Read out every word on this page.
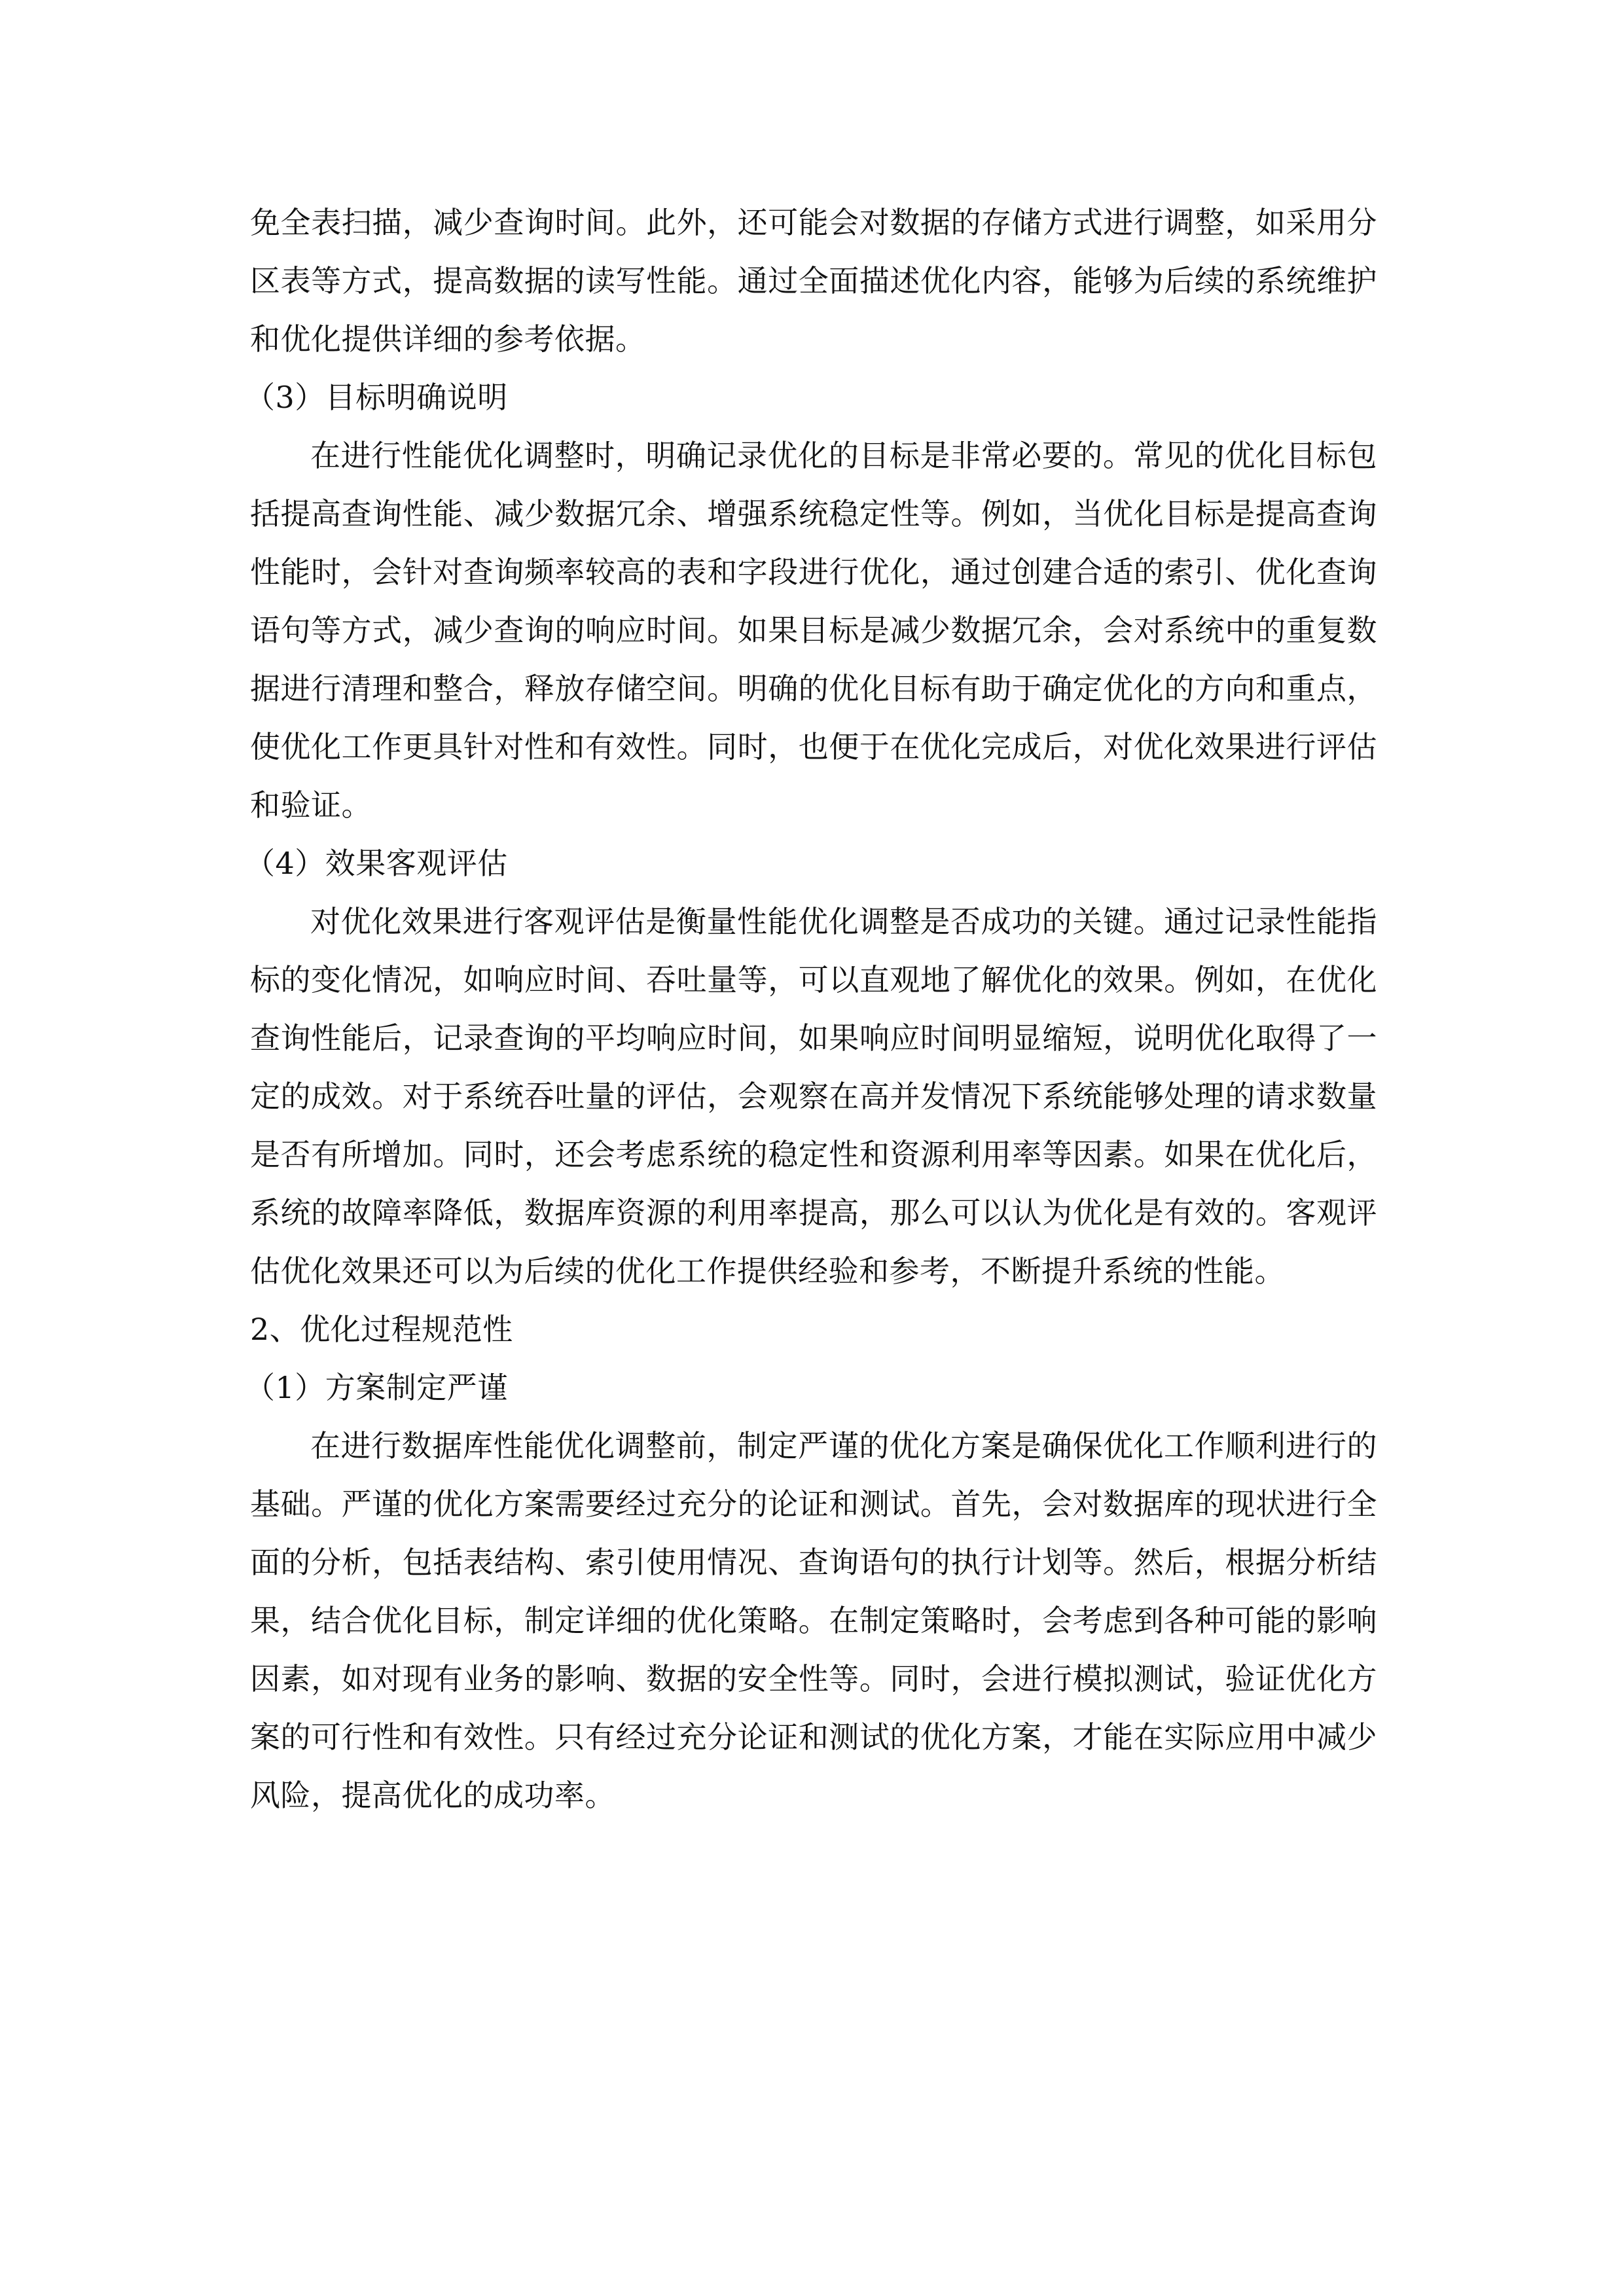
免全表扫描，减少查询时间。此外，还可能会对数据的存储方式进行调整，如采用分区表等方式，提高数据的读写性能。通过全面描述优化内容，能够为后续的系统维护和优化提供详细的参考依据。

（3）目标明确说明

在进行性能优化调整时，明确记录优化的目标是非常必要的。常见的优化目标包括提高查询性能、减少数据冗余、增强系统稳定性等。例如，当优化目标是提高查询性能时，会针对查询频率较高的表和字段进行优化，通过创建合适的索引、优化查询语句等方式，减少查询的响应时间。如果目标是减少数据冗余，会对系统中的重复数据进行清理和整合，释放存储空间。明确的优化目标有助于确定优化的方向和重点，使优化工作更具针对性和有效性。同时，也便于在优化完成后，对优化效果进行评估和验证。

（4）效果客观评估

对优化效果进行客观评估是衡量性能优化调整是否成功的关键。通过记录性能指标的变化情况，如响应时间、吞吐量等，可以直观地了解优化的效果。例如，在优化查询性能后，记录查询的平均响应时间，如果响应时间明显缩短，说明优化取得了一定的成效。对于系统吞吐量的评估，会观察在高并发情况下系统能够处理的请求数量是否有所增加。同时，还会考虑系统的稳定性和资源利用率等因素。如果在优化后，系统的故障率降低，数据库资源的利用率提高，那么可以认为优化是有效的。客观评估优化效果还可以为后续的优化工作提供经验和参考，不断提升系统的性能。

2、优化过程规范性

（1）方案制定严谨

在进行数据库性能优化调整前，制定严谨的优化方案是确保优化工作顺利进行的基础。严谨的优化方案需要经过充分的论证和测试。首先，会对数据库的现状进行全面的分析，包括表结构、索引使用情况、查询语句的执行计划等。然后，根据分析结果，结合优化目标，制定详细的优化策略。在制定策略时，会考虑到各种可能的影响因素，如对现有业务的影响、数据的安全性等。同时，会进行模拟测试，验证优化方案的可行性和有效性。只有经过充分论证和测试的优化方案，才能在实际应用中减少风险，提高优化的成功率。
